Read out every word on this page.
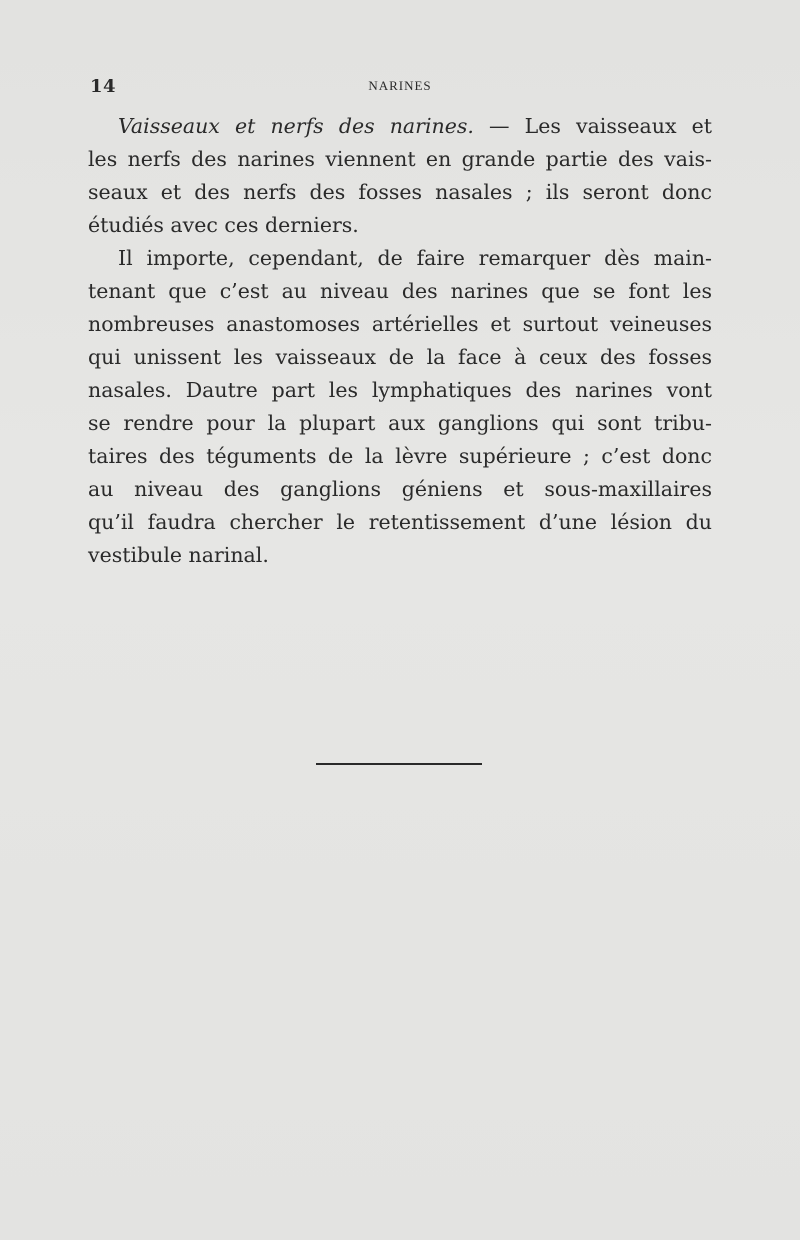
14	NARINES
Vaisseaux et nerfs des narines. — Les vaisseaux et
les nerfs des narines viennent en grande partie des vais-
seaux et des nerfs des fosses nasales ; ils seront donc
étudiés avec ces derniers.
Il importe, cependant, de faire remarquer dès main-
tenant que c’est au niveau des narines que se font les
nombreuses anastomoses artérielles et surtout veineuses
qui unissent les vaisseaux de la face à ceux des fosses
nasales. Dautre part les lymphatiques des narines vont
se rendre pour la plupart aux ganglions qui sont tribu-
taires des téguments de la lèvre supérieure ; c’est donc
au niveau des ganglions géniens et sous-maxillaires
qu’il faudra chercher le retentissement d’une lésion du
vestibule narinal.
